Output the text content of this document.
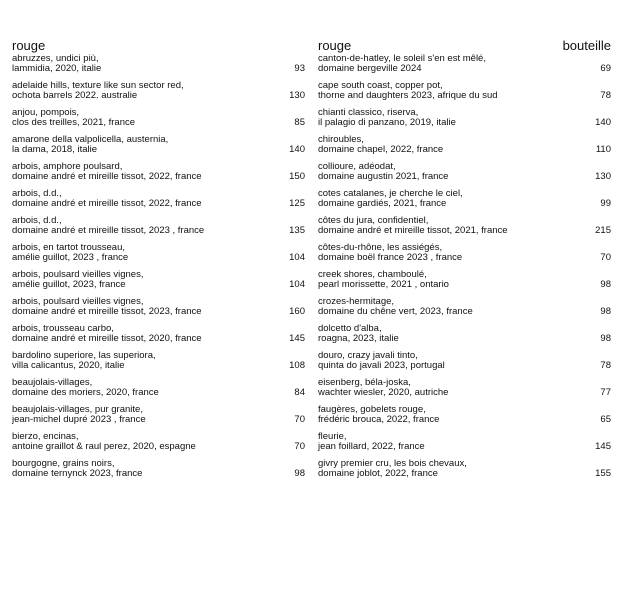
rouge
abruzzes, undici più,
lammidia, 2020, italie	93
adelaide hills, texture like sun sector red,
ochota barrels 2022. australie	130
anjou, pompois,
clos des treilles, 2021, france	85
amarone della valpolicella, austernia,
la dama, 2018, italie	140
arbois, amphore poulsard,
domaine andré et mireille tissot, 2022, france	150
arbois, d.d.,
domaine andré et mireille tissot, 2022, france	125
arbois, d.d.,
domaine andré et mireille tissot, 2023 , france	135
arbois, en tartot trousseau,
amélie guillot, 2023 , france	104
arbois, poulsard vieilles vignes,
amélie guillot, 2023, france	104
arbois, poulsard vieilles vignes,
domaine andré et mireille tissot, 2023, france	160
arbois, trousseau carbo,
domaine andré et mireille tissot, 2020, france	145
bardolino superiore, las superiora,
villa calicantus, 2020, italie	108
beaujolais-villages,
domaine des moriers, 2020, france	84
beaujolais-villages, pur granite,
jean-michel dupré 2023 , france	70
bierzo, encinas,
antoine graillot & raul perez, 2020, espagne	70
bourgogne, grains noirs,
domaine ternynck 2023, france	98
rouge	bouteille
canton-de-hatley, le soleil s'en est mêlé,
domaine bergeville 2024	69
cape south coast, copper pot,
thorne and daughters 2023, afrique du sud	78
chianti classico, riserva,
il palagio di panzano, 2019, italie	140
chiroubles,
domaine chapel, 2022, france	110
collioure, adéodat,
domaine augustin 2021, france	130
cotes catalanes, je cherche le ciel,
domaine gardiés, 2021, france	99
côtes du jura, confidentiel,
domaine andré et mireille tissot, 2021, france	215
côtes-du-rhône, les assiégés,
domaine boël france 2023 , france	70
creek shores, chamboulé,
pearl morissette, 2021 , ontario	98
crozes-hermitage,
domaine du chêne vert, 2023, france	98
dolcetto d'alba,
roagna, 2023, italie	98
douro, crazy javali tinto,
quinta do javali 2023, portugal	78
eisenberg, béla-joska,
wachter wiesler, 2020, autriche	77
faugères, gobelets rouge,
frédéric brouca, 2022, france	65
fleurie,
jean foillard, 2022, france	145
givry premier cru, les bois chevaux,
domaine joblot, 2022, france	155
